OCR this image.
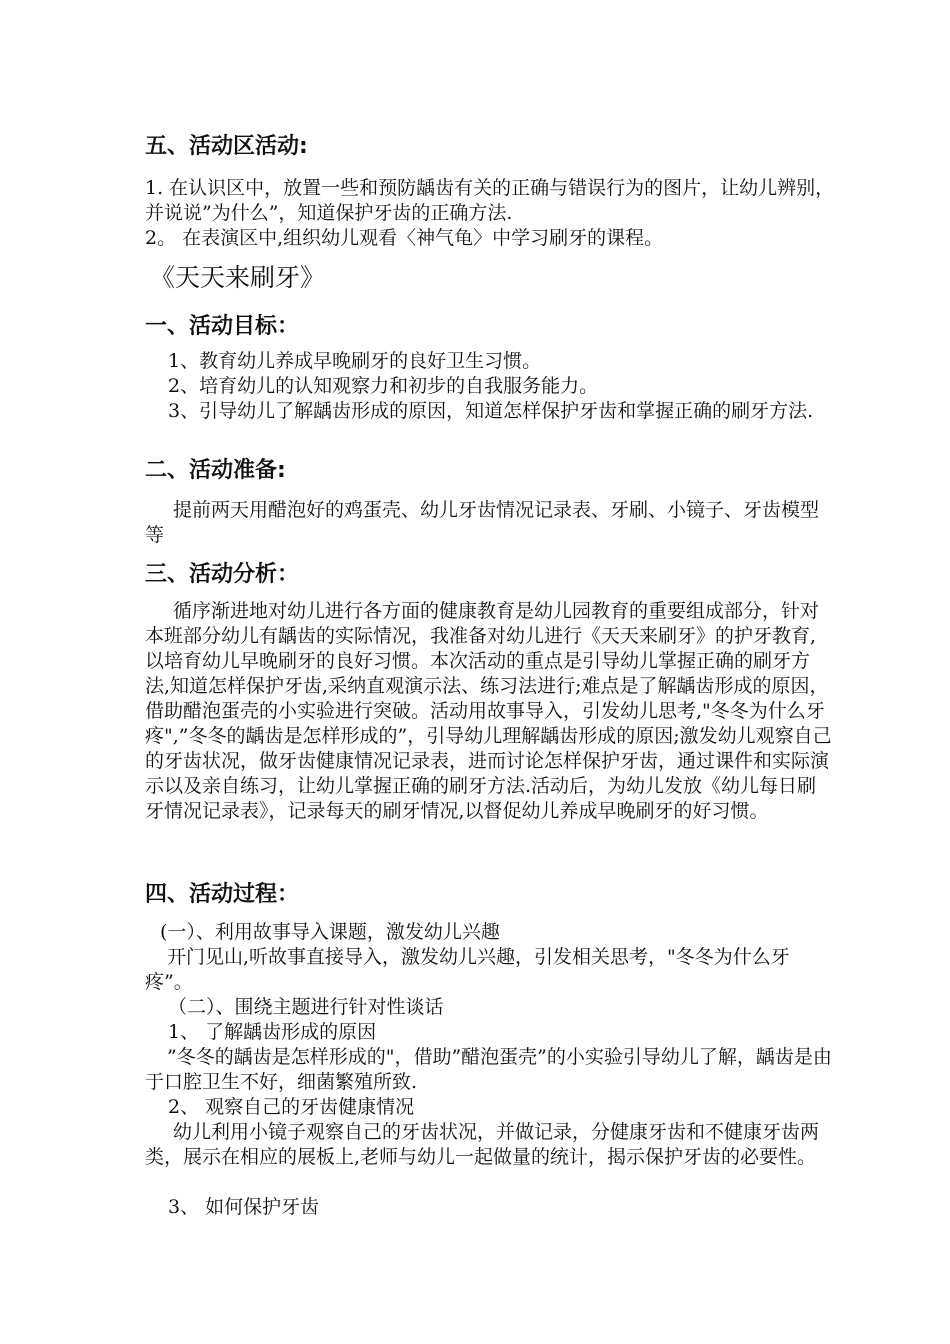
五、活动区活动:
1. 在认识区中，放置一些和预防龋齿有关的正确与错误行为的图片，让幼儿辨别，并说说”为什么”，知道保护牙齿的正确方法.
2。 在表演区中,组织幼儿观看〈神气龟〉中学习刷牙的课程。
《天天来刷牙》
一、活动目标：
1、教育幼儿养成早晚刷牙的良好卫生习惯。
2、培育幼儿的认知观察力和初步的自我服务能力。
3、引导幼儿了解龋齿形成的原因，知道怎样保护牙齿和掌握正确的刷牙方法.
二、活动准备:
提前两天用醋泡好的鸡蛋壳、幼儿牙齿情况记录表、牙刷、小镜子、牙齿模型等
三、活动分析：
循序渐进地对幼儿进行各方面的健康教育是幼儿园教育的重要组成部分，针对本班部分幼儿有龋齿的实际情况，我准备对幼儿进行《天天来刷牙》的护牙教育,以培育幼儿早晚刷牙的良好习惯。本次活动的重点是引导幼儿掌握正确的刷牙方法,知道怎样保护牙齿,采纳直观演示法、练习法进行;难点是了解龋齿形成的原因，借助醋泡蛋壳的小实验进行突破。活动用故事导入，引发幼儿思考,"冬冬为什么牙疼",”冬冬的龋齿是怎样形成的”，引导幼儿理解龋齿形成的原因;激发幼儿观察自己的牙齿状况，做牙齿健康情况记录表，进而讨论怎样保护牙齿，通过课件和实际演示以及亲自练习，让幼儿掌握正确的刷牙方法.活动后，为幼儿发放《幼儿每日刷牙情况记录表》，记录每天的刷牙情况,以督促幼儿养成早晚刷牙的好习惯。
四、活动过程：
(一）、利用故事导入课题，激发幼儿兴趣
开门见山,听故事直接导入，激发幼儿兴趣，引发相关思考，"冬冬为什么牙疼”。
（二）、围绕主题进行针对性谈话
1、 了解龋齿形成的原因
”冬冬的龋齿是怎样形成的"，借助”醋泡蛋壳”的小实验引导幼儿了解，龋齿是由于口腔卫生不好，细菌繁殖所致.
2、 观察自己的牙齿健康情况
幼儿利用小镜子观察自己的牙齿状况，并做记录，分健康牙齿和不健康牙齿两类，展示在相应的展板上,老师与幼儿一起做量的统计，揭示保护牙齿的必要性。
3、 如何保护牙齿
